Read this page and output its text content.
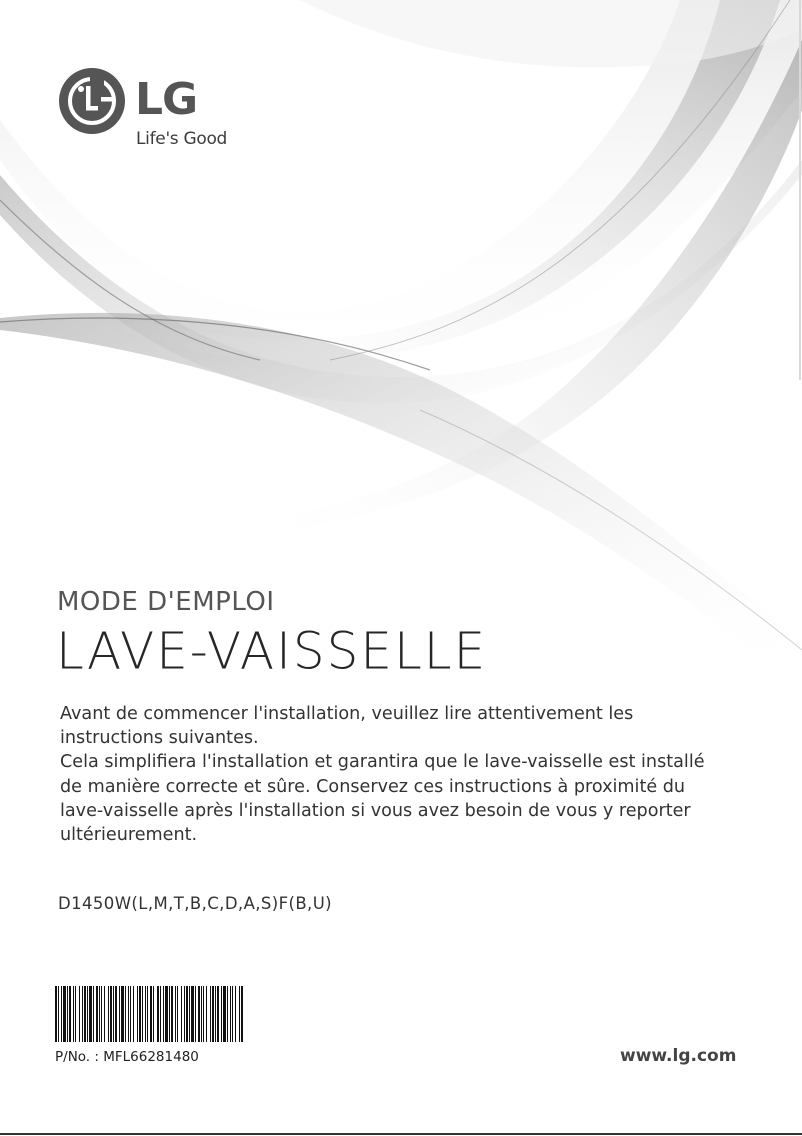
LG
Life's Good
MODE D'EMPLOI
LAVE-VAISSELLE

Avant de commencer l'installation, veuillez lire attentivement les instructions suivantes.

Cela simplifiera l'installation et garantira que le lave-vaisselle est installé de manière correcte et sûre. Conservez ces instructions à proximité du lave-vaisselle après l'installation si vous avez besoin de vous y reporter ultérieurement.

D1450W(L,M,T,B,C,D,A,S)F(B,U)
P/No. : MFL66281480	www.lg.com
